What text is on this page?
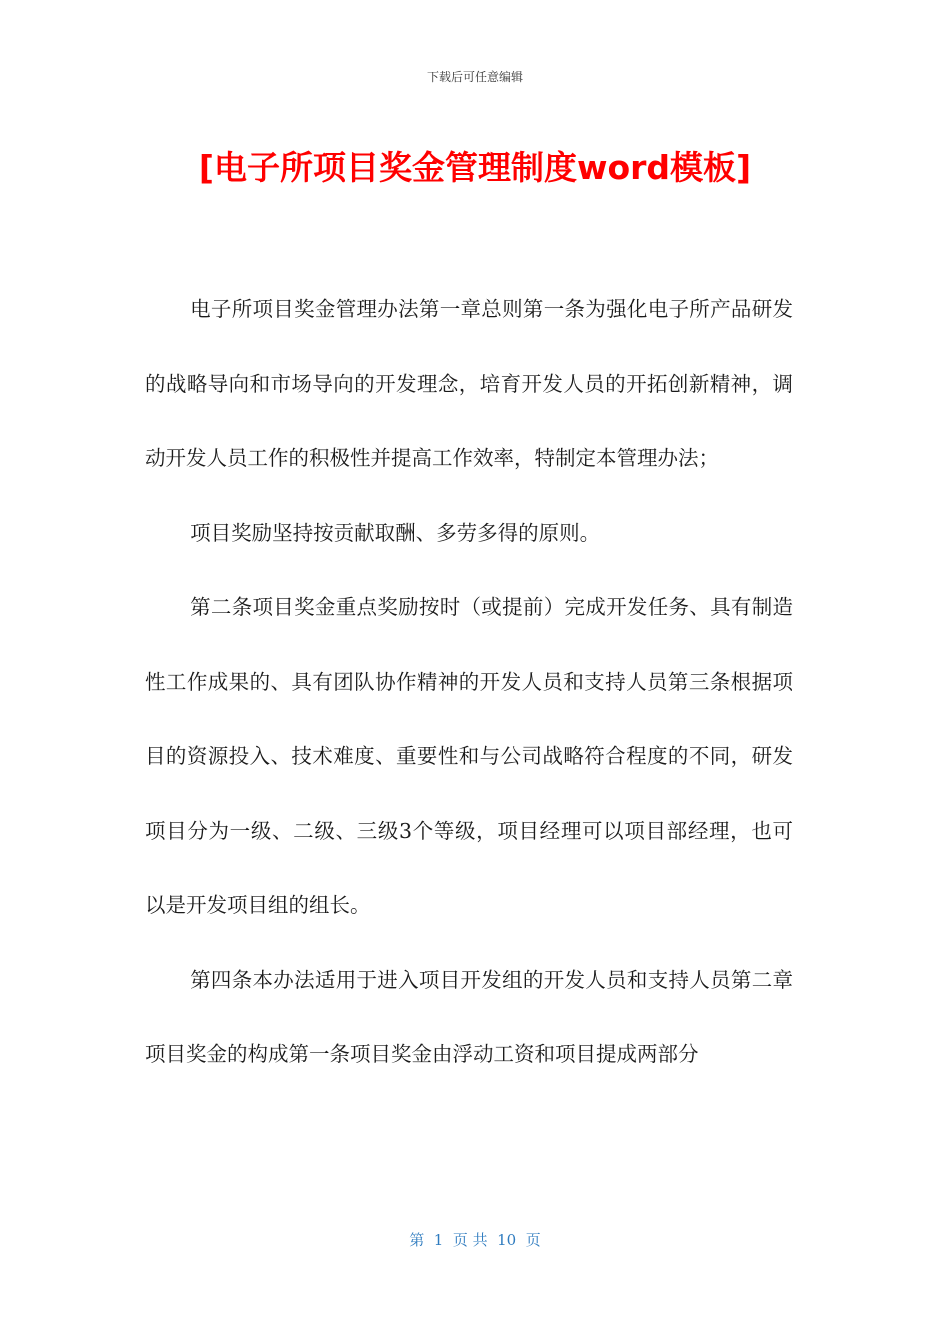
下载后可任意编辑
[电子所项目奖金管理制度word模板]

电子所项目奖金管理办法第一章总则第一条为强化电子所产品研发的战略导向和市场导向的开发理念，培育开发人员的开拓创新精神，调动开发人员工作的积极性并提高工作效率，特制定本管理办法；

项目奖励坚持按贡献取酬、多劳多得的原则。

第二条项目奖金重点奖励按时（或提前）完成开发任务、具有制造性工作成果的、具有团队协作精神的开发人员和支持人员第三条根据项目的资源投入、技术难度、重要性和与公司战略符合程度的不同，研发项目分为一级、二级、三级3个等级，项目经理可以项目部经理，也可以是开发项目组的组长。

第四条本办法适用于进入项目开发组的开发人员和支持人员第二章项目奖金的构成第一条项目奖金由浮动工资和项目提成两部分

第  1  页 共  10  页
